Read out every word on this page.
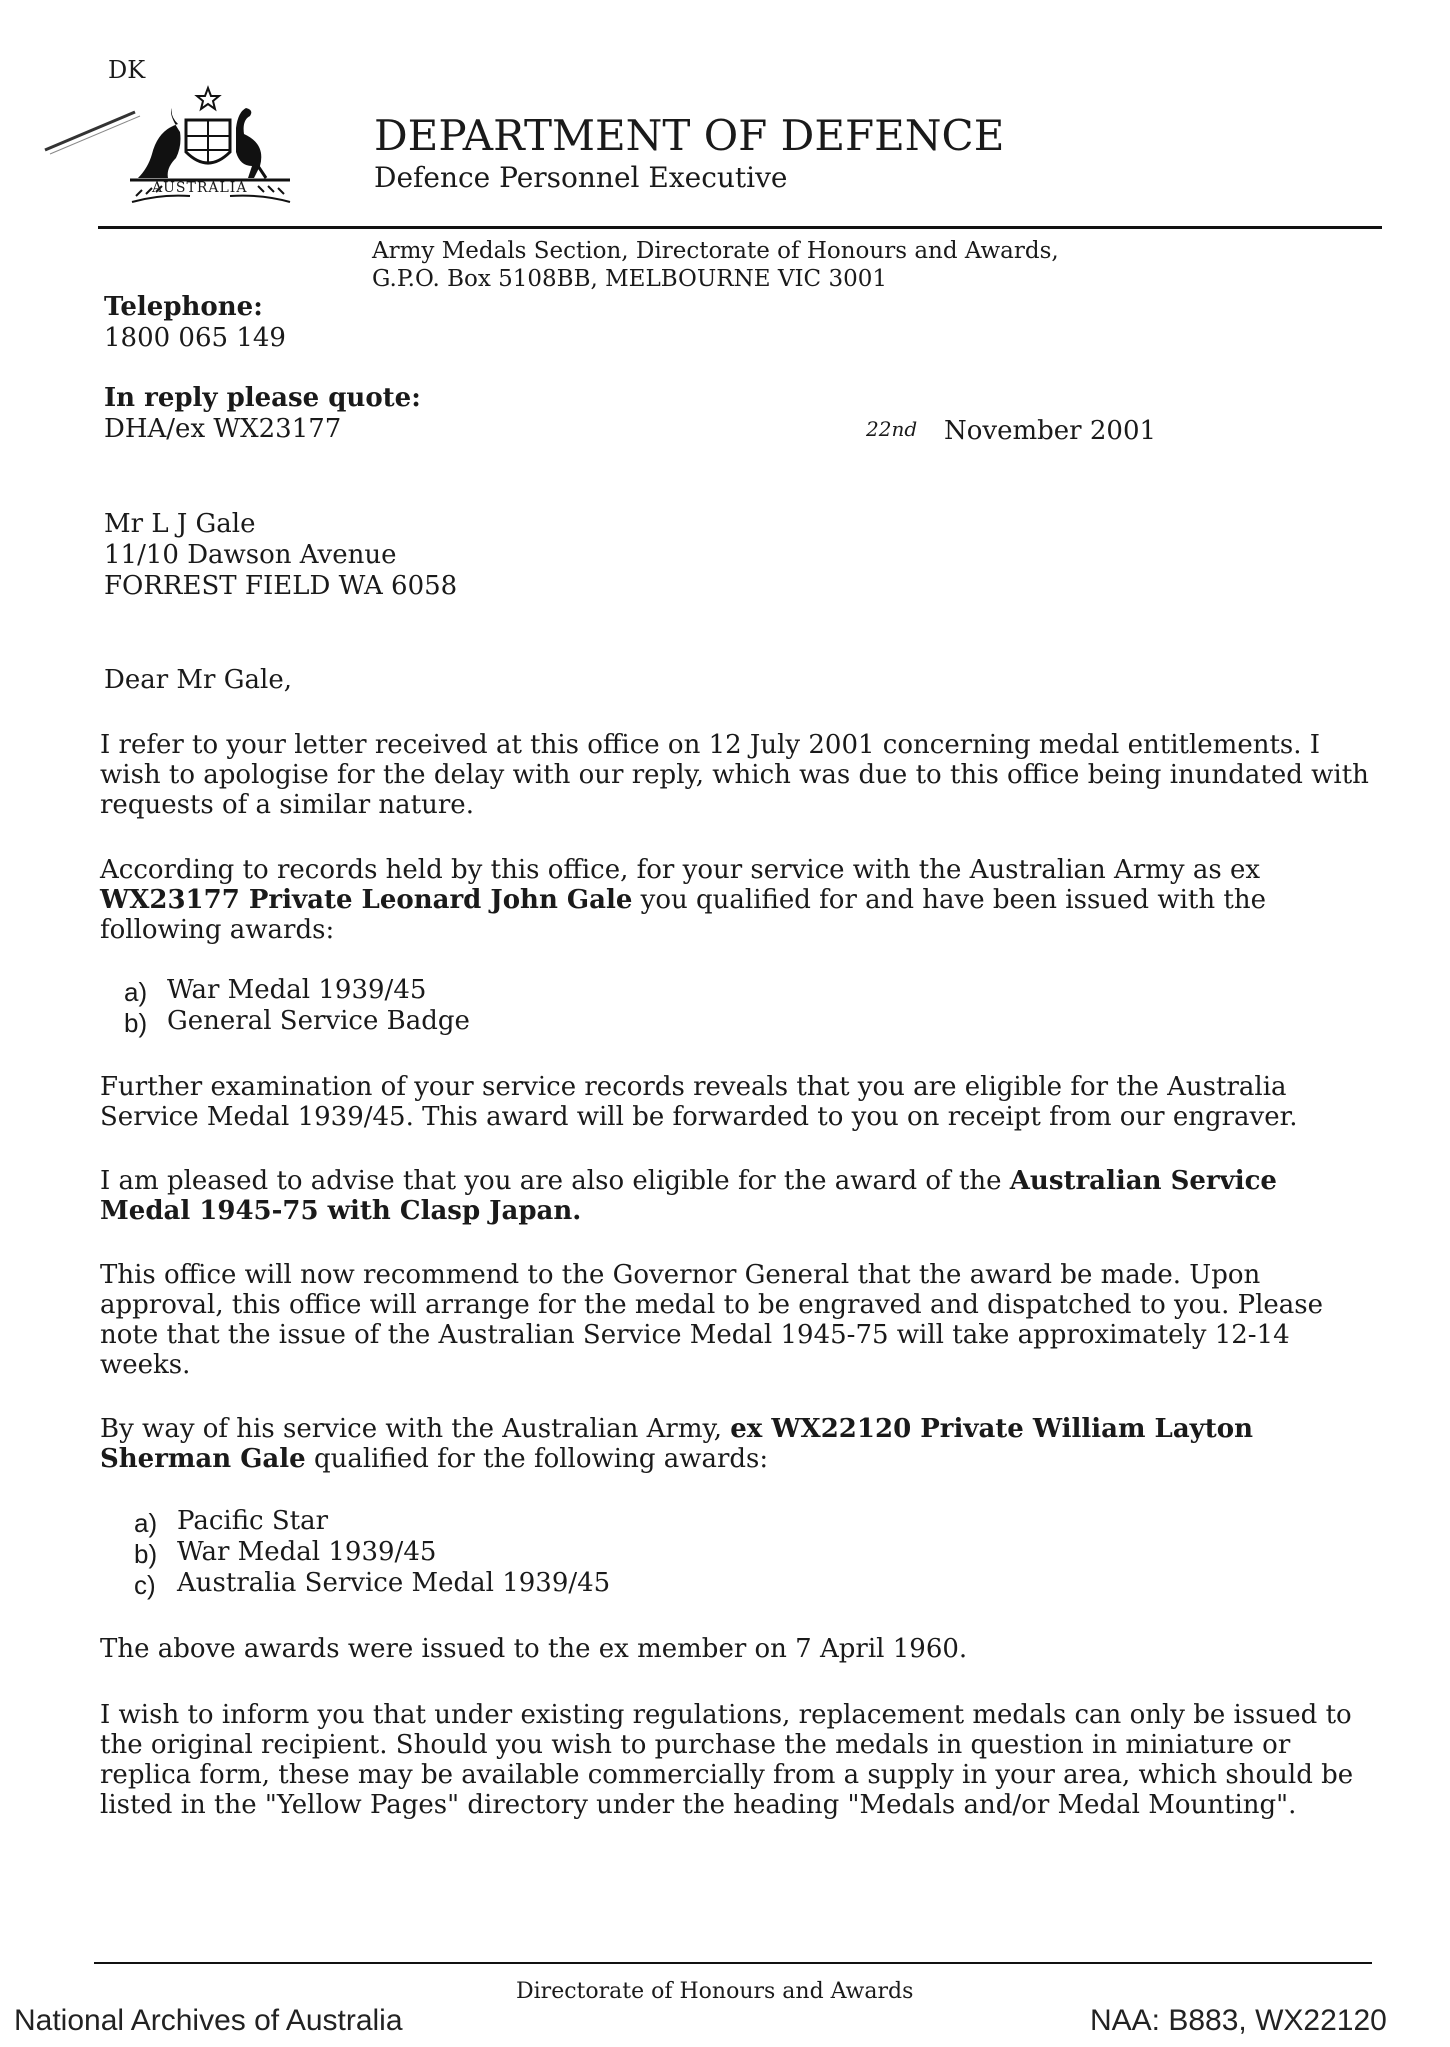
DK
AUSTRALIA
DEPARTMENT OF DEFENCE
Defence Personnel Executive
Army Medals Section, Directorate of Honours and Awards,
G.P.O. Box 5108BB, MELBOURNE VIC 3001
Telephone:
1800 065 149
In reply please quote:
DHA/ex WX23177	22nd November 2001
Mr L J Gale
11/10 Dawson Avenue
FORREST FIELD WA 6058
Dear Mr Gale,
I refer to your letter received at this office on 12 July 2001 concerning medal entitlements. I wish to apologise for the delay with our reply, which was due to this office being inundated with requests of a similar nature.
According to records held by this office, for your service with the Australian Army as ex WX23177 Private Leonard John Gale you qualified for and have been issued with the following awards:
a) War Medal 1939/45
b) General Service Badge
Further examination of your service records reveals that you are eligible for the Australia Service Medal 1939/45. This award will be forwarded to you on receipt from our engraver.
I am pleased to advise that you are also eligible for the award of the Australian Service Medal 1945-75 with Clasp Japan.
This office will now recommend to the Governor General that the award be made. Upon approval, this office will arrange for the medal to be engraved and dispatched to you. Please note that the issue of the Australian Service Medal 1945-75 will take approximately 12-14 weeks.
By way of his service with the Australian Army, ex WX22120 Private William Layton Sherman Gale qualified for the following awards:
a) Pacific Star
b) War Medal 1939/45
c) Australia Service Medal 1939/45
The above awards were issued to the ex member on 7 April 1960.
I wish to inform you that under existing regulations, replacement medals can only be issued to the original recipient. Should you wish to purchase the medals in question in miniature or replica form, these may be available commercially from a supply in your area, which should be listed in the "Yellow Pages" directory under the heading "Medals and/or Medal Mounting".
Directorate of Honours and Awards
National Archives of Australia	NAA: B883, WX22120
